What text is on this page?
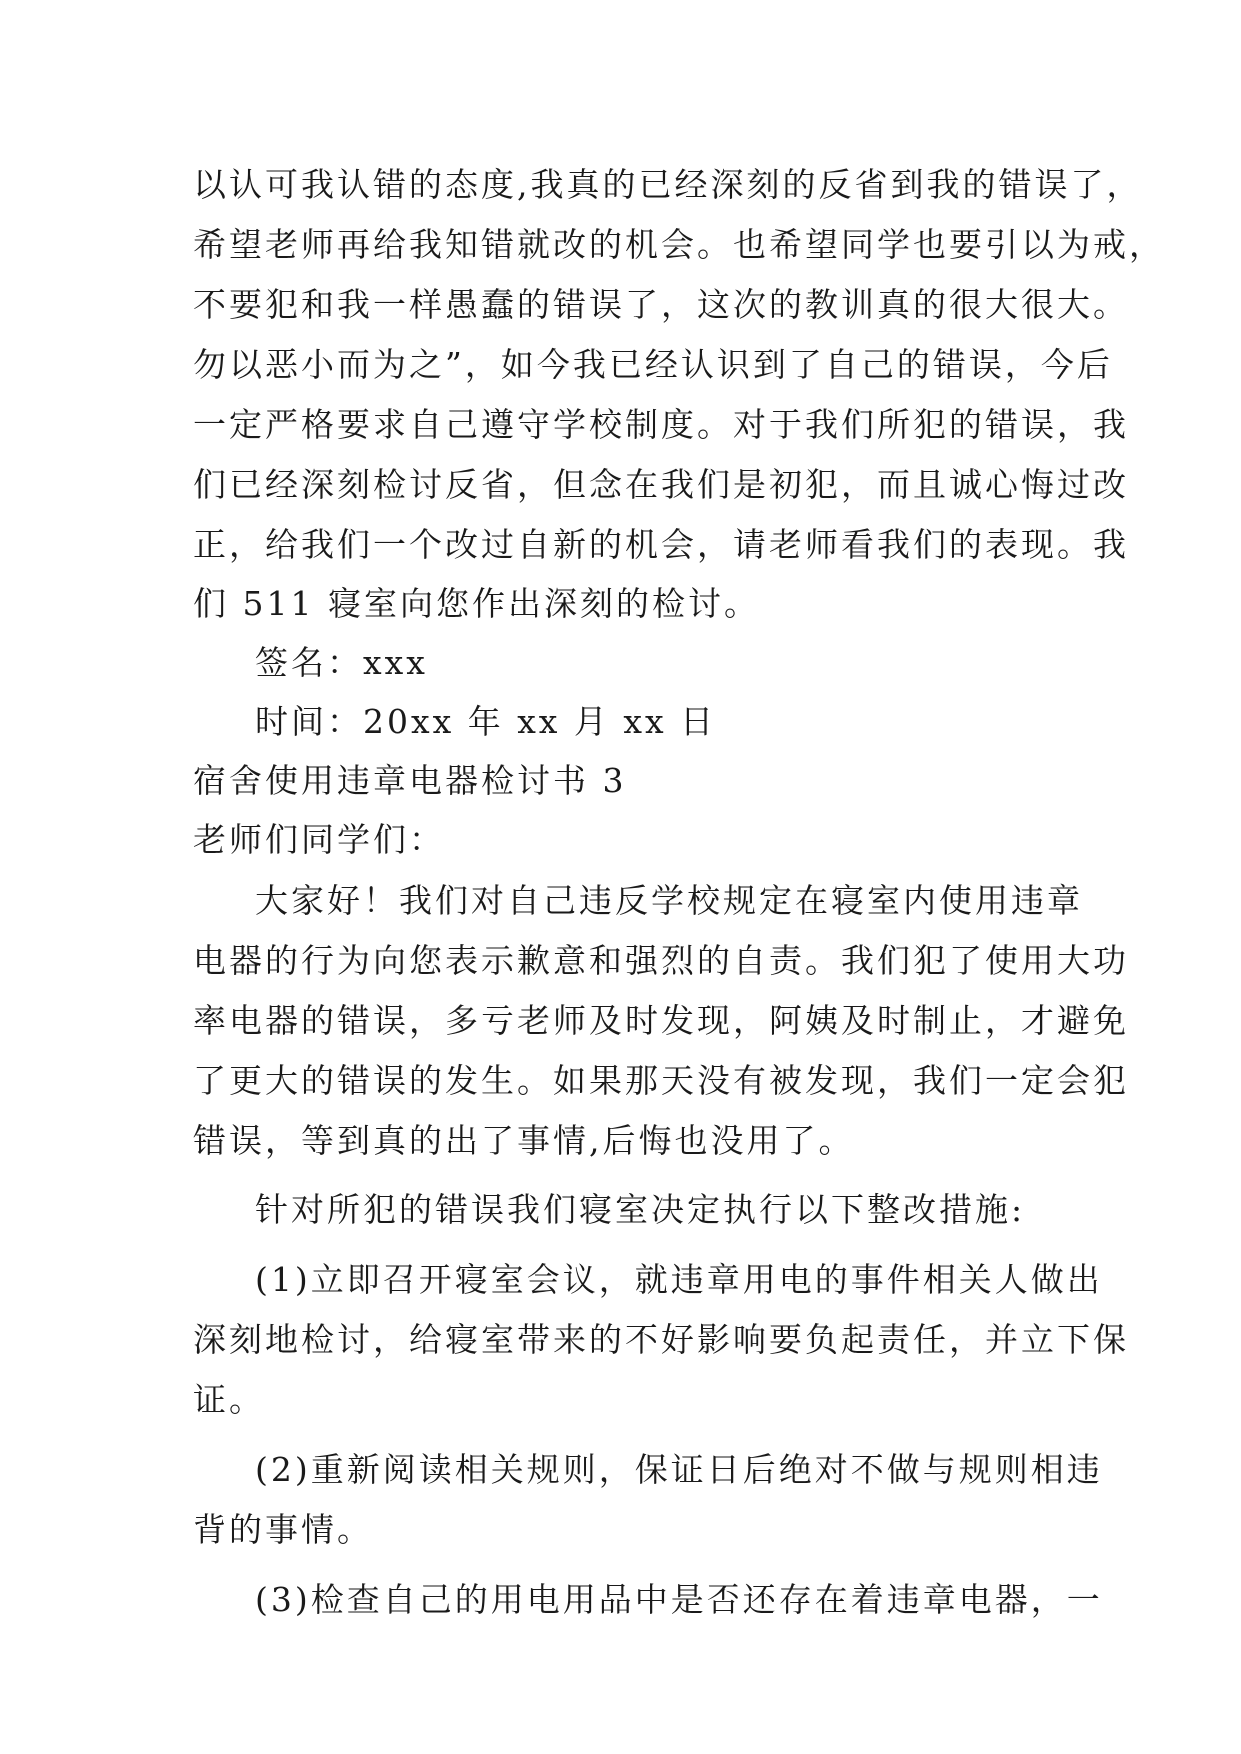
以认可我认错的态度,我真的已经深刻的反省到我的错误了，
希望老师再给我知错就改的机会。也希望同学也要引以为戒，
不要犯和我一样愚蠢的错误了，这次的教训真的很大很大。
勿以恶小而为之”，如今我已经认识到了自己的错误，今后
一定严格要求自己遵守学校制度。对于我们所犯的错误，我
们已经深刻检讨反省，但念在我们是初犯，而且诚心悔过改
正，给我们一个改过自新的机会，请老师看我们的表现。我
们 511 寝室向您作出深刻的检讨。
签名：xxx
时间：20xx 年 xx 月 xx 日
宿舍使用违章电器检讨书 3
老师们同学们：
大家好！我们对自己违反学校规定在寝室内使用违章
电器的行为向您表示歉意和强烈的自责。我们犯了使用大功
率电器的错误，多亏老师及时发现，阿姨及时制止，才避免
了更大的错误的发生。如果那天没有被发现，我们一定会犯
错误，等到真的出了事情,后悔也没用了。
针对所犯的错误我们寝室决定执行以下整改措施:
(1)立即召开寝室会议，就违章用电的事件相关人做出
深刻地检讨，给寝室带来的不好影响要负起责任，并立下保
证。
(2)重新阅读相关规则，保证日后绝对不做与规则相违
背的事情。
(3)检查自己的用电用品中是否还存在着违章电器，一
